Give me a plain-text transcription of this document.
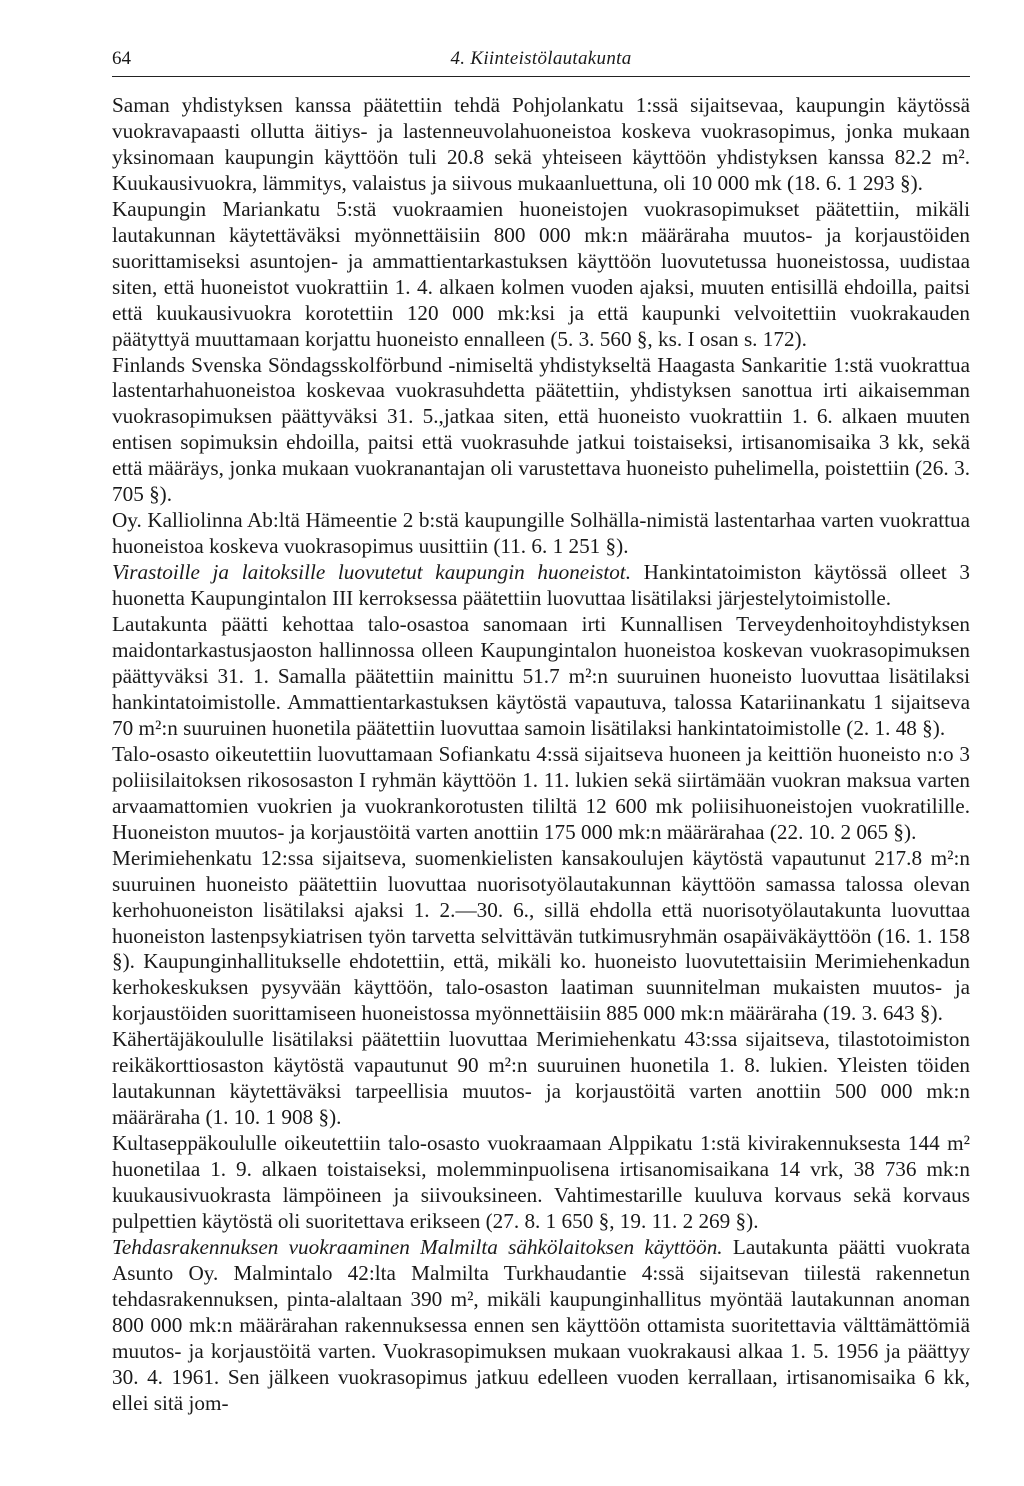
64	4. Kiinteistölautakunta

Saman yhdistyksen kanssa päätettiin tehdä Pohjolankatu 1:ssä sijaitsevaa, kaupungin käytössä vuokravapaasti ollutta äitiys- ja lastenneuvolahuoneistoa koskeva vuokrasopimus, jonka mukaan yksinomaan kaupungin käyttöön tuli 20.8 sekä yhteiseen käyttöön yhdistyksen kanssa 82.2 m². Kuukausivuokra, lämmitys, valaistus ja siivous mukaanluettuna, oli 10 000 mk (18. 6. 1 293 §).

Kaupungin Mariankatu 5:stä vuokraamien huoneistojen vuokrasopimukset päätettiin, mikäli lautakunnan käytettäväksi myönnettäisiin 800 000 mk:n määräraha muutos- ja korjaustöiden suorittamiseksi asuntojen- ja ammattientarkastuksen käyttöön luovutetussa huoneistossa, uudistaa siten, että huoneistot vuokrattiin 1. 4. alkaen kolmen vuoden ajaksi, muuten entisillä ehdoilla, paitsi että kuukausivuokra korotettiin 120 000 mk:ksi ja että kaupunki velvoitettiin vuokrakauden päätyttyä muuttamaan korjattu huoneisto ennalleen (5. 3. 560 §, ks. I osan s. 172).

Finlands Svenska Söndagsskolförbund -nimiseltä yhdistykseltä Haagasta Sankaritie 1:stä vuokrattua lastentarhahuoneistoa koskevaa vuokrasuhdetta päätettiin, yhdistyksen sanottua irti aikaisemman vuokrasopimuksen päättyväksi 31. 5.,jatkaa siten, että huoneisto vuokrattiin 1. 6. alkaen muuten entisen sopimuksin ehdoilla, paitsi että vuokrasuhde jatkui toistaiseksi, irtisanomisaika 3 kk, sekä että määräys, jonka mukaan vuokranantajan oli varustettava huoneisto puhelimella, poistettiin (26. 3. 705 §).

Oy. Kalliolinna Ab:ltä Hämeentie 2 b:stä kaupungille Solhälla-nimistä lastentarhaa varten vuokrattua huoneistoa koskeva vuokrasopimus uusittiin (11. 6. 1 251 §).

Virastoille ja laitoksille luovutetut kaupungin huoneistot. Hankintatoimiston käytössä olleet 3 huonetta Kaupungintalon III kerroksessa päätettiin luovuttaa lisätilaksi järjestelytoimistolle.

Lautakunta päätti kehottaa talo-osastoa sanomaan irti Kunnallisen Terveydenhoitoyhdistyksen maidontarkastusjaoston hallinnossa olleen Kaupungintalon huoneistoa koskevan vuokrasopimuksen päättyväksi 31. 1. Samalla päätettiin mainittu 51.7 m²:n suuruinen huoneisto luovuttaa lisätilaksi hankintatoimistolle. Ammattientarkastuksen käytöstä vapautuva, talossa Katariinankatu 1 sijaitseva 70 m²:n suuruinen huonetila päätettiin luovuttaa samoin lisätilaksi hankintatoimistolle (2. 1. 48 §).

Talo-osasto oikeutettiin luovuttamaan Sofiankatu 4:ssä sijaitseva huoneen ja keittiön huoneisto n:o 3 poliisilaitoksen rikososaston I ryhmän käyttöön 1. 11. lukien sekä siirtämään vuokran maksua varten arvaamattomien vuokrien ja vuokrankorotusten tililtä 12 600 mk poliisihuoneistojen vuokratilille. Huoneiston muutos- ja korjaustöitä varten anottiin 175 000 mk:n määrärahaa (22. 10. 2 065 §).

Merimiehenkatu 12:ssa sijaitseva, suomenkielisten kansakoulujen käytöstä vapautunut 217.8 m²:n suuruinen huoneisto päätettiin luovuttaa nuorisotyölautakunnan käyttöön samassa talossa olevan kerhohuoneiston lisätilaksi ajaksi 1. 2.—30. 6., sillä ehdolla että nuorisotyölautakunta luovuttaa huoneiston lastenpsykiatrisen työn tarvetta selvittävän tutkimusryhmän osapäiväkäyttöön (16. 1. 158 §). Kaupunginhallitukselle ehdotettiin, että, mikäli ko. huoneisto luovutettaisiin Merimiehenkadun kerhokeskuksen pysyvään käyttöön, talo-osaston laatiman suunnitelman mukaisten muutos- ja korjaustöiden suorittamiseen huoneistossa myönnettäisiin 885 000 mk:n määräraha (19. 3. 643 §).

Kähertäjäkoululle lisätilaksi päätettiin luovuttaa Merimiehenkatu 43:ssa sijaitseva, tilastotoimiston reikäkorttiosaston käytöstä vapautunut 90 m²:n suuruinen huonetila 1. 8. lukien. Yleisten töiden lautakunnan käytettäväksi tarpeellisia muutos- ja korjaustöitä varten anottiin 500 000 mk:n määräraha (1. 10. 1 908 §).

Kultaseppäkoululle oikeutettiin talo-osasto vuokraamaan Alppikatu 1:stä kivirakennuksesta 144 m² huonetilaa 1. 9. alkaen toistaiseksi, molemminpuolisena irtisanomisaikana 14 vrk, 38 736 mk:n kuukausivuokrasta lämpöineen ja siivouksineen. Vahtimestarille kuuluva korvaus sekä korvaus pulpettien käytöstä oli suoritettava erikseen (27. 8. 1 650 §, 19. 11. 2 269 §).

Tehdasrakennuksen vuokraaminen Malmilta sähkölaitoksen käyttöön. Lautakunta päätti vuokrata Asunto Oy. Malmintalo 42:lta Malmilta Turkhaudantie 4:ssä sijaitsevan tiilestä rakennetun tehdasrakennuksen, pinta-alaltaan 390 m², mikäli kaupunginhallitus myöntää lautakunnan anoman 800 000 mk:n määrärahan rakennuksessa ennen sen käyttöön ottamista suoritettavia välttämättömiä muutos- ja korjaustöitä varten. Vuokrasopimuksen mukaan vuokrakausi alkaa 1. 5. 1956 ja päättyy 30. 4. 1961. Sen jälkeen vuokrasopimus jatkuu edelleen vuoden kerrallaan, irtisanomisaika 6 kk, ellei sitä jom-
